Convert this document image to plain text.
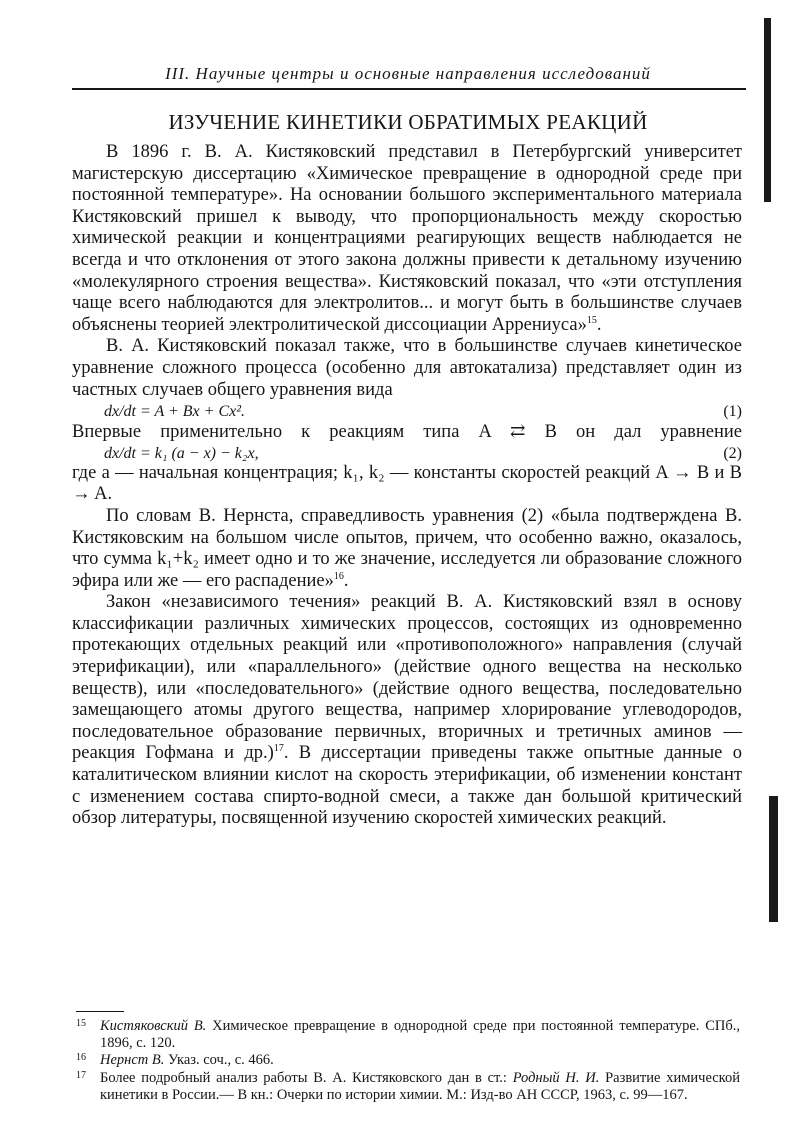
III. Научные центры и основные направления исследований
ИЗУЧЕНИЕ КИНЕТИКИ ОБРАТИМЫХ РЕАКЦИЙ

В 1896 г. В. А. Кистяковский представил в Петербургский университет магистерскую диссертацию «Химическое превращение в однородной среде при постоянной температуре». На основании большого экспериментального материала Кистяковский пришел к выводу, что пропорциональность между скоростью химической реакции и концентрациями реагирующих веществ наблюдается не всегда и что отклонения от этого закона должны привести к детальному изучению «молекулярного строения вещества». Кистяковский показал, что «эти отступления чаще всего наблюдаются для электролитов... и могут быть в большинстве случаев объяснены теорией электролитической диссоциации Аррениуса»$^{15}$.

В. А. Кистяковский показал также, что в большинстве случаев кинетическое уравнение сложного процесса (особенно для автокатализа) представляет один из частных случаев общего уравнения вида

dx/dt = A + Bx + Cx².	(1)

Впервые применительно к реакциям типа A ⇄ B он дал уравнение

dx/dt = k₁ (a − x) − k₂x,	(2)

где a — начальная концентрация; k₁, k₂ — константы скоростей реакций A → B и B → A.

По словам В. Нернста, справедливость уравнения (2) «была подтверждена В. Кистяковским на большом числе опытов, причем, что особенно важно, оказалось, что сумма k₁+k₂ имеет одно и то же значение, исследуется ли образование сложного эфира или же — его распадение»$^{16}$.

Закон «независимого течения» реакций В. А. Кистяковский взял в основу классификации различных химических процессов, состоящих из одновременно протекающих отдельных реакций или «противоположного» направления (случай этерификации), или «параллельного» (действие одного вещества на несколько веществ), или «последовательного» (действие одного вещества, последовательно замещающего атомы другого вещества, например хлорирование углеводородов, последовательное образование первичных, вторичных и третичных аминов — реакция Гофмана и др.)$^{17}$. В диссертации приведены также опытные данные о каталитическом влиянии кислот на скорость этерификации, об изменении констант с изменением состава спирто-водной смеси, а также дан большой критический обзор литературы, посвященной изучению скоростей химических реакций.

15 Кистяковский В. Химическое превращение в однородной среде при постоянной температуре. СПб., 1896, с. 120.
16 Нернст В. Указ. соч., с. 466.
17 Более подробный анализ работы В. А. Кистяковского дан в ст.: Родный Н. И. Развитие химической кинетики в России.— В кн.: Очерки по истории химии. М.: Изд-во АН СССР, 1963, с. 99—167.
